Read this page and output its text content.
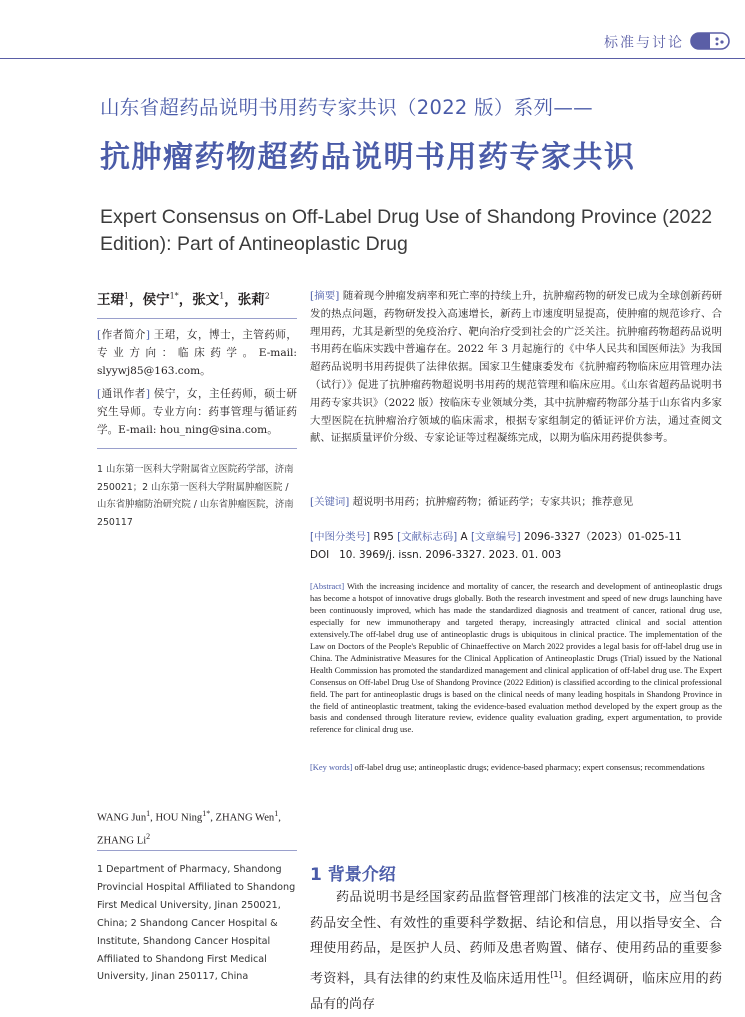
标准与讨论
山东省超药品说明书用药专家共识（2022 版）系列——
抗肿瘤药物超药品说明书用药专家共识
Expert Consensus on Off-Label Drug Use of Shandong Province (2022 Edition): Part of Antineoplastic Drug
王珺$^1$，侯宁$^{1*}$，张文$^1$，张莉$^2$
[作者简介] 王珺，女，博士，主管药师，专业方向：临床药学。E-mail: slyywj85@163.com。
[通讯作者] 侯宁，女，主任药师，硕士研究生导师。专业方向：药事管理与循证药学。E-mail: hou_ning@sina.com。
1 山东第一医科大学附属省立医院药学部，济南 250021；2 山东第一医科大学附属肿瘤医院 / 山东省肿瘤防治研究院 / 山东省肿瘤医院，济南 250117
WANG Jun$^1$, HOU Ning$^{1*}$, ZHANG Wen$^1$, ZHANG Li$^2$
1 Department of Pharmacy, Shandong Provincial Hospital Affiliated to Shandong First Medical University, Jinan 250021, China; 2 Shandong Cancer Hospital & Institute, Shandong Cancer Hospital Affiliated to Shandong First Medical University, Jinan 250117, China
[摘要] 随着现今肿瘤发病率和死亡率的持续上升，抗肿瘤药物的研发已成为全球创新药研发的热点问题，药物研发投入高速增长，新药上市速度明显提高，使肿瘤的规范诊疗、合理用药，尤其是新型的免疫治疗、靶向治疗受到社会的广泛关注。抗肿瘤药物超药品说明书用药在临床实践中普遍存在。2022 年 3 月起施行的《中华人民共和国医师法》为我国超药品说明书用药提供了法律依据。国家卫生健康委发布《抗肿瘤药物临床应用管理办法（试行）》促进了抗肿瘤药物超说明书用药的规范管理和临床应用。《山东省超药品说明书用药专家共识》（2022 版）按临床专业领域分类，其中抗肿瘤药物部分基于山东省内多家大型医院在抗肿瘤治疗领域的临床需求，根据专家组制定的循证评价方法，通过查阅文献、证据质量评价分级、专家论证等过程凝练完成，以期为临床用药提供参考。
[关键词] 超说明书用药；抗肿瘤药物；循证药学；专家共识；推荐意见
[中图分类号] R95 [文献标志码] A [文章编号] 2096-3327（2023）01-025-11
DOI 10. 3969/j. issn. 2096-3327. 2023. 01. 003
[Abstract] With the increasing incidence and mortality of cancer, the research and development of antineoplastic drugs has become a hotspot of innovative drugs globally. Both the research investment and speed of new drugs launching have been continuously improved, which has made the standardized diagnosis and treatment of cancer, rational drug use, especially for new immunotherapy and targeted therapy, increasingly attracted clinical and social attention extensively.The off-label drug use of antineoplastic drugs is ubiquitous in clinical practice. The implementation of the Law on Doctors of the People's Republic of Chinaeffective on March 2022 provides a legal basis for off-label drug use in China. The Administrative Measures for the Clinical Application of Antineoplastic Drugs (Trial) issued by the National Health Commission has promoted the standardized management and clinical application of off-label drug use. The Expert Consensus on Off-label Drug Use of Shandong Province (2022 Edition) is classified according to the clinical professional field. The part for antineoplastic drugs is based on the clinical needs of many leading hospitals in Shandong Province in the field of antineoplastic treatment, taking the evidence-based evaluation method developed by the expert group as the basis and condensed through literature review, evidence quality evaluation grading, expert argumentation, to provide reference for clinical drug use.
[Key words] off-label drug use; antineoplastic drugs; evidence-based pharmacy; expert consensus; recommendations
1 背景介绍
药品说明书是经国家药品监督管理部门核准的法定文书，应当包含药品安全性、有效性的重要科学数据、结论和信息，用以指导安全、合理使用药品，是医护人员、药师及患者购置、储存、使用药品的重要参考资料，具有法律的约束性及临床适用性[1]。但经调研，临床应用的药品有的尚存
